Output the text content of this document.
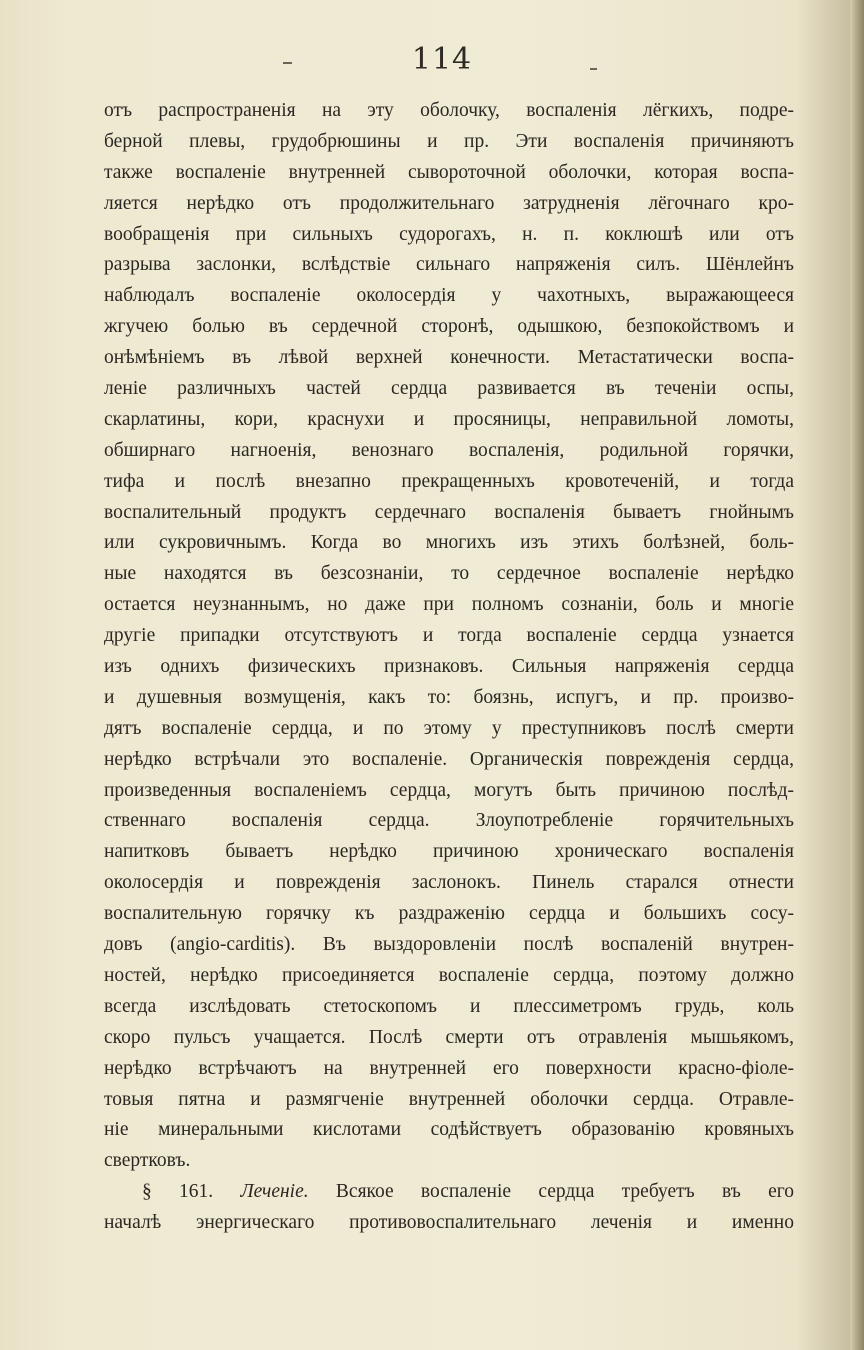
114
отъ распространенія на эту оболочку, воспаленія лёгкихъ, подре-
берной плевы, грудобрюшины и пр. Эти воспаленія причиняютъ
также воспаленіе внутренней сывороточной оболочки, которая воспа-
ляется нерѣдко отъ продолжительнаго затрудненія лёгочнаго кро-
вообращенія при сильныхъ судорогахъ, н. п. коклюшѣ или отъ
разрыва заслонки, вслѣдствіе сильнаго напряженія силъ. Шёнлейнъ
наблюдалъ воспаленіе околосердія у чахотныхъ, выражающееся
жгучею болью въ сердечной сторонѣ, одышкою, безпокойствомъ и
онѣмѣніемъ въ лѣвой верхней конечности. Метастатически воспа-
леніе различныхъ частей сердца развивается въ теченіи оспы,
скарлатины, кори, краснухи и просяницы, неправильной ломоты,
обширнаго нагноенія, венознаго воспаленія, родильной горячки,
тифа и послѣ внезапно прекращенныхъ кровотеченій, и тогда
воспалительный продуктъ сердечнаго воспаленія бываетъ гнойнымъ
или сукровичнымъ. Когда во многихъ изъ этихъ болѣзней, боль-
ные находятся въ безсознаніи, то сердечное воспаленіе нерѣдко
остается неузнаннымъ, но даже при полномъ сознаніи, боль и многіе
другіе припадки отсутствуютъ и тогда воспаленіе сердца узнается
изъ однихъ физическихъ признаковъ. Сильныя напряженія сердца
и душевныя возмущенія, какъ то: боязнь, испугъ, и пр. произво-
дятъ воспаленіе сердца, и по этому у преступниковъ послѣ смерти
нерѣдко встрѣчали это воспаленіе. Органическія поврежденія сердца,
произведенныя воспаленіемъ сердца, могутъ быть причиною послѣд-
ственнаго воспаленія сердца. Злоупотребленіе горячительныхъ
напитковъ бываетъ нерѣдко причиною хроническаго воспаленія
околосердія и поврежденія заслонокъ. Пинель старался отнести
воспалительную горячку къ раздраженію сердца и большихъ сосу-
довъ (angio-carditis). Въ выздоровленіи послѣ воспаленій внутрен-
ностей, нерѣдко присоединяется воспаленіе сердца, поэтому должно
всегда изслѣдовать стетоскопомъ и плессиметромъ грудь, коль
скоро пульсъ учащается. Послѣ смерти отъ отравленія мышьякомъ,
нерѣдко встрѣчаютъ на внутренней его поверхности красно-фіоле-
товыя пятна и размягченіе внутренней оболочки сердца. Отравле-
ніе минеральными кислотами содѣйствуетъ образованію кровяныхъ
свертковъ.
§ 161. Леченіе. Всякое воспаленіе сердца требуетъ въ его
началѣ энергическаго противовоспалительнаго леченія и именно
